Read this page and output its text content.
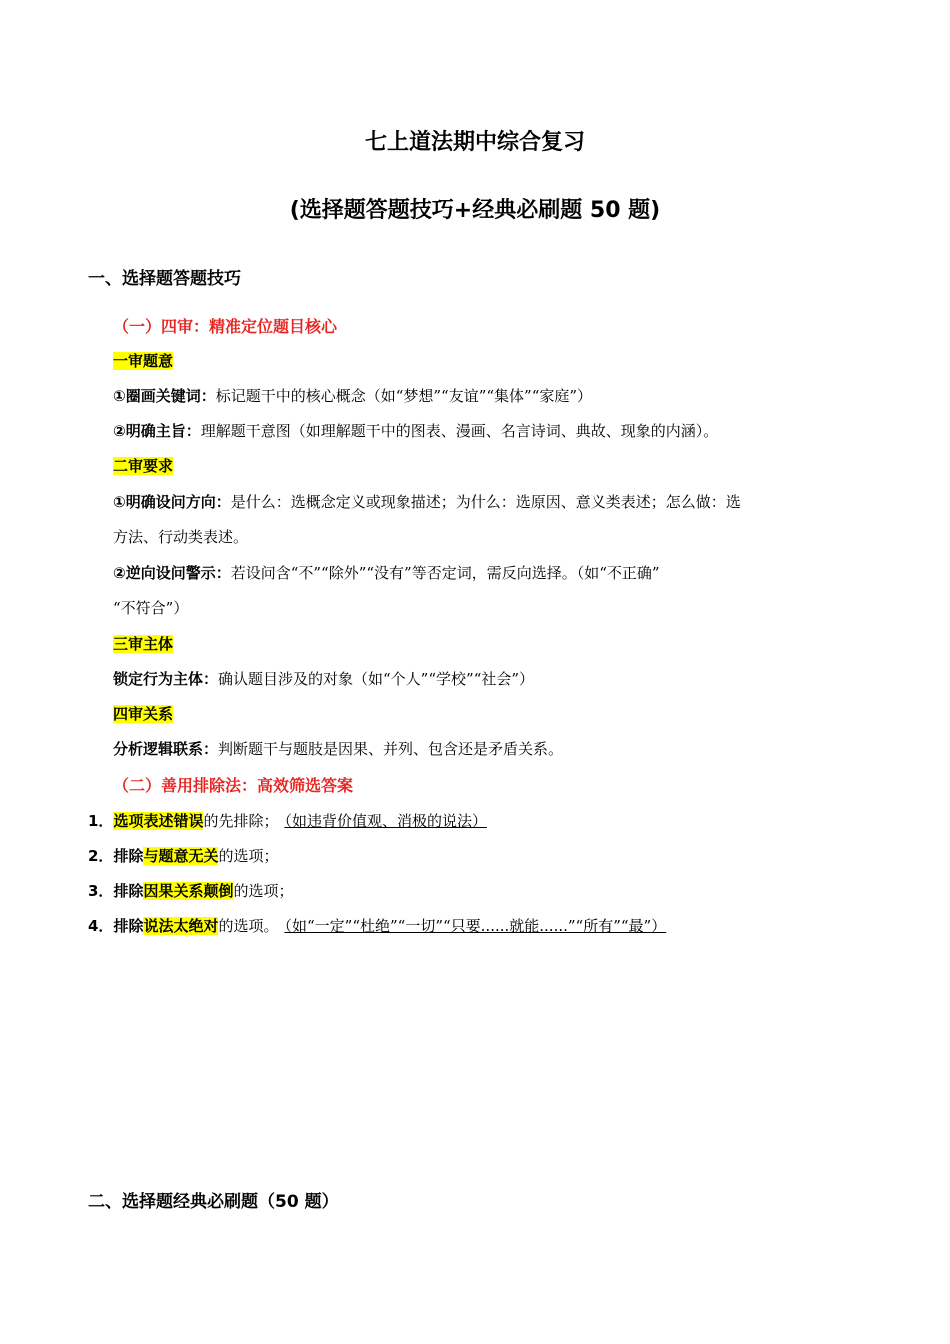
七上道法期中综合复习
(选择题答题技巧+经典必刷题 50 题)
一、选择题答题技巧
（一）四审：精准定位题目核心
一审题意
①圈画关键词：标记题干中的核心概念（如“梦想”“友谊”“集体”“家庭”）
②明确主旨：理解题干意图（如理解题干中的图表、漫画、名言诗词、典故、现象的内涵）。
二审要求
①明确设问方向：是什么：选概念定义或现象描述；为什么：选原因、意义类表述；怎么做：选
方法、行动类表述。
②逆向设问警示：若设问含“不”“除外”“没有”等否定词，需反向选择。（如“不正确”
“不符合”）
三审主体
锁定行为主体：确认题目涉及的对象（如“个人”“学校”“社会”）
四审关系
分析逻辑联系：判断题干与题肢是因果、并列、包含还是矛盾关系。
（二）善用排除法：高效筛选答案
1．选项表述错误的先排除； （如违背价值观、消极的说法）
2．排除与题意无关的选项；
3．排除因果关系颠倒的选项；
4．排除说法太绝对的选项。 （如“一定”“杜绝”“一切”“只要......就能......”“所有”“最”）
二、选择题经典必刷题（50 题）
